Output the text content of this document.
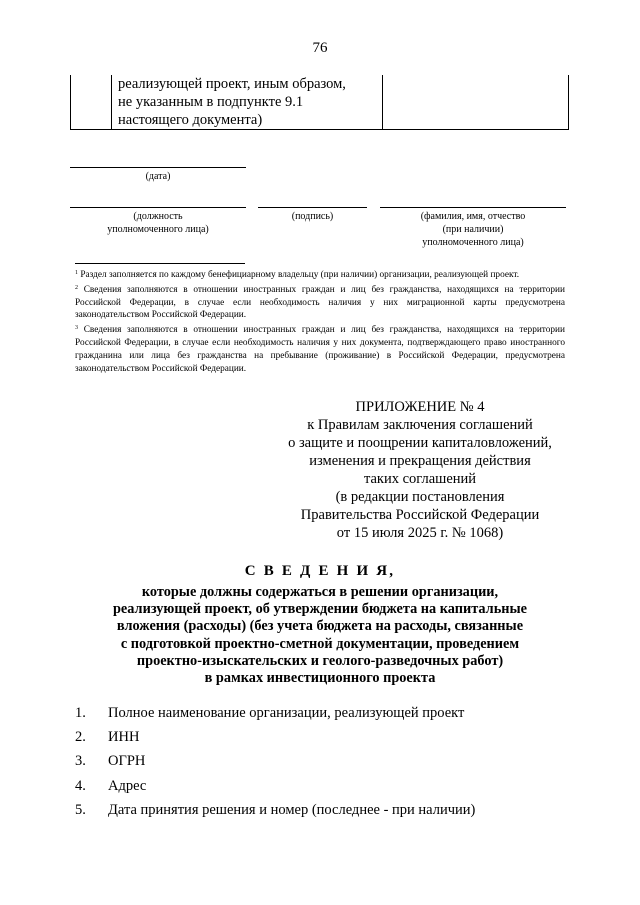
76
реализующей проект, иным образом,
не указанным в подпункте 9.1
настоящего документа)
(дата)
(должность
уполномоченного лица)
(подпись)	(фамилия, имя, отчество
(при наличии)
уполномоченного лица)

$^1$ Раздел заполняется по каждому бенефициарному владельцу (при наличии) организации, реализующей проект.

$^2$ Сведения заполняются в отношении иностранных граждан и лиц без гражданства, находящихся на территории Российской Федерации, в случае если необходимость наличия у них миграционной карты предусмотрена законодательством Российской Федерации.

$^3$ Сведения заполняются в отношении иностранных граждан и лиц без гражданства, находящихся на территории Российской Федерации, в случае если необходимость наличия у них документа, подтверждающего право иностранного гражданина или лица без гражданства на пребывание (проживание) в Российской Федерации, предусмотрена законодательством Российской Федерации.

ПРИЛОЖЕНИЕ № 4
к Правилам заключения соглашений
о защите и поощрении капиталовложений,
изменения и прекращения действия
таких соглашений
(в редакции постановления
Правительства Российской Федерации
от 15 июля 2025 г. № 1068)
С В Е Д Е Н И Я,
которые должны содержаться в решении организации,
реализующей проект, об утверждении бюджета на капитальные
вложения (расходы) (без учета бюджета на расходы, связанные
с подготовкой проектно-сметной документации, проведением
проектно-изыскательских и геолого-разведочных работ)
в рамках инвестиционного проекта
1.	Полное наименование организации, реализующей проект
2.	ИНН
3.	ОГРН
4.	Адрес
5.	Дата принятия решения и номер (последнее - при наличии)
